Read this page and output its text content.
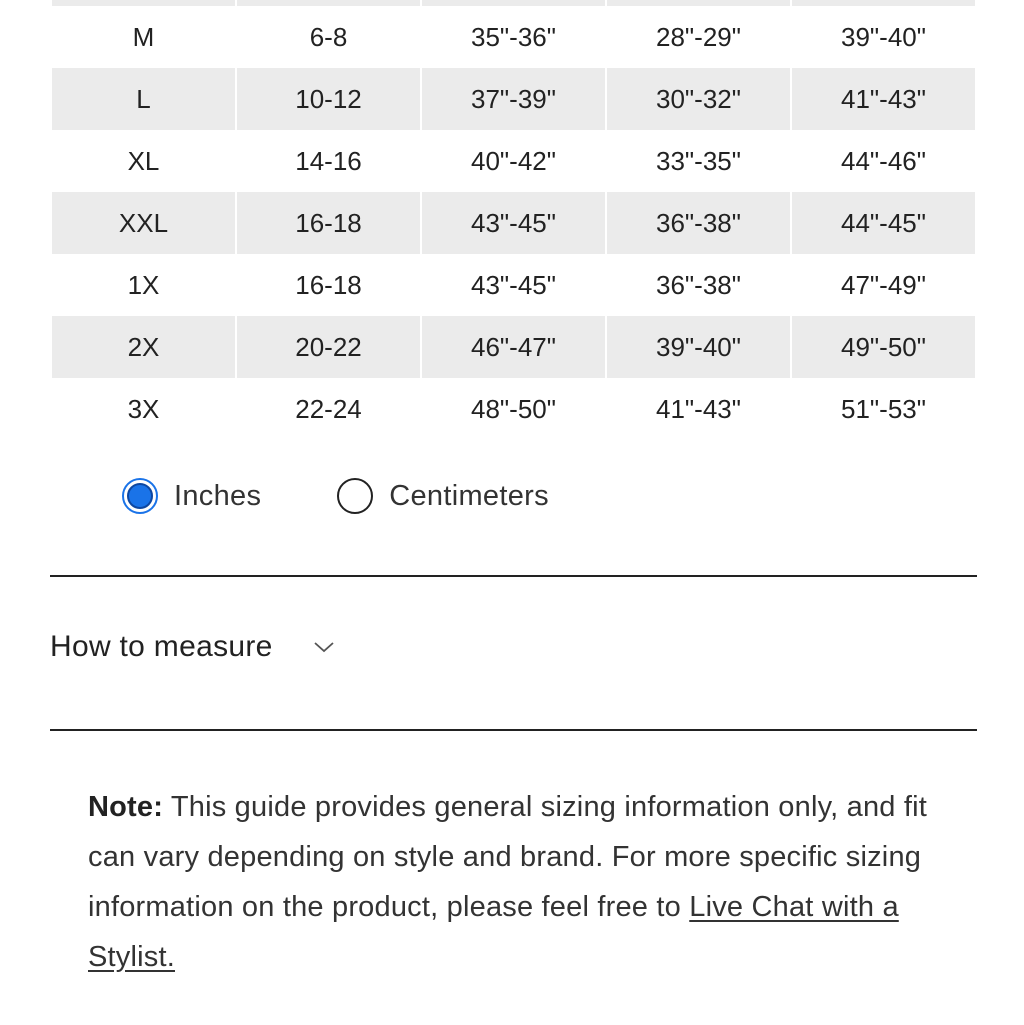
M	6-8	35"-36"	28"-29"	39"-40"
L	10-12	37"-39"	30"-32"	41"-43"
XL	14-16	40"-42"	33"-35"	44"-46"
XXL	16-18	43"-45"	36"-38"	44"-45"
1X	16-18	43"-45"	36"-38"	47"-49"
2X	20-22	46"-47"	39"-40"	49"-50"
3X	22-24	48"-50"	41"-43"	51"-53"
Inches	Centimeters
How to measure
Note: This guide provides general sizing information only, and fit can vary depending on style and brand. For more specific sizing information on the product, please feel free to Live Chat with a Stylist.
